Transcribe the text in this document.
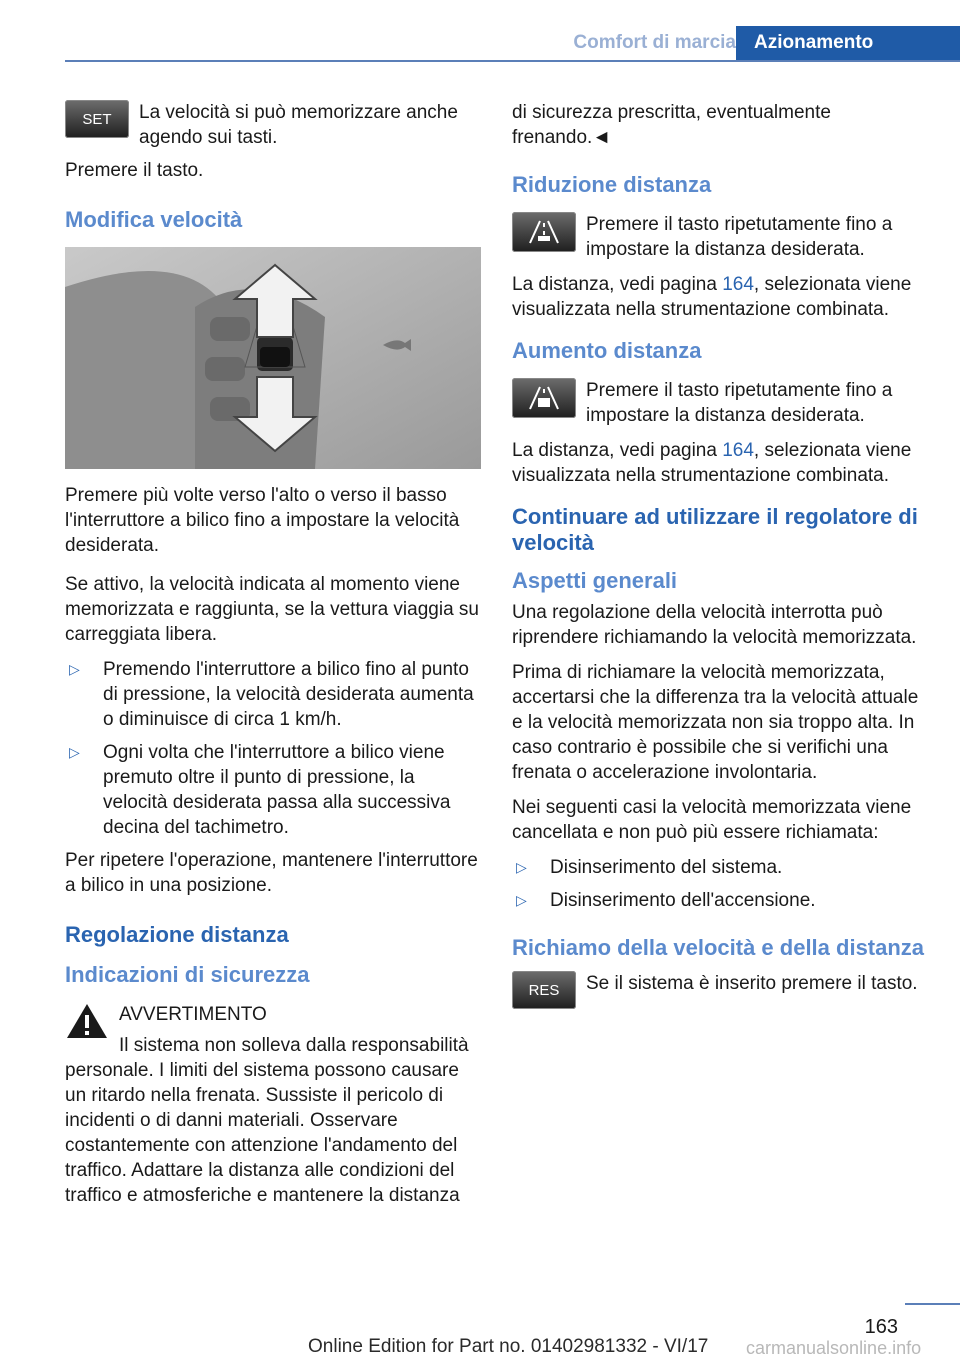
Comfort di marcia Azionamento
SET	La velocità si può memorizzare anche agendo sui tasti.

Premere il tasto.

Modifica velocità

Premere più volte verso l'alto o verso il basso l'interruttore a bilico fino a impostare la velocità desiderata.

Se attivo, la velocità indicata al momento viene memorizzata e raggiunta, se la vettura viaggia su carreggiata libera.

▷	Premendo l'interruttore a bilico fino al punto di pressione, la velocità desiderata aumenta o diminuisce di circa 1 km/h.
▷	Ogni volta che l'interruttore a bilico viene premuto oltre il punto di pressione, la velocità desiderata passa alla successiva decina del tachimetro.

Per ripetere l'operazione, mantenere l'interruttore a bilico in una posizione.

Regolazione distanza
Indicazioni di sicurezza
AVVERTIMENTO
Il sistema non solleva dalla responsabilità personale. I limiti del sistema possono causare un ritardo nella frenata. Sussiste il pericolo di incidenti o di danni materiali. Osservare costantemente con attenzione l'andamento del traffico. Adattare la distanza alle condizioni del traffico e atmosferiche e mantenere la distanza

di sicurezza prescritta, eventualmente frenando.◄

Riduzione distanza
Premere il tasto ripetutamente fino a impostare la distanza desiderata.

La distanza, vedi pagina 164, selezionata viene visualizzata nella strumentazione combinata.

Aumento distanza
Premere il tasto ripetutamente fino a impostare la distanza desiderata.

La distanza, vedi pagina 164, selezionata viene visualizzata nella strumentazione combinata.

Continuare ad utilizzare il regolatore di velocità
Aspetti generali

Una regolazione della velocità interrotta può riprendere richiamando la velocità memorizzata.

Prima di richiamare la velocità memorizzata, accertarsi che la differenza tra la velocità attuale e la velocità memorizzata non sia troppo alta. In caso contrario è possibile che si verifichi una frenata o accelerazione involontaria.

Nei seguenti casi la velocità memorizzata viene cancellata e non può più essere richiamata:

▷	Disinserimento del sistema.
▷	Disinserimento dell'accensione.
Richiamo della velocità e della distanza
RES	Se il sistema è inserito premere il tasto.
163
Online Edition for Part no. 01402981332 - VI/17 carmanualsonline.info
